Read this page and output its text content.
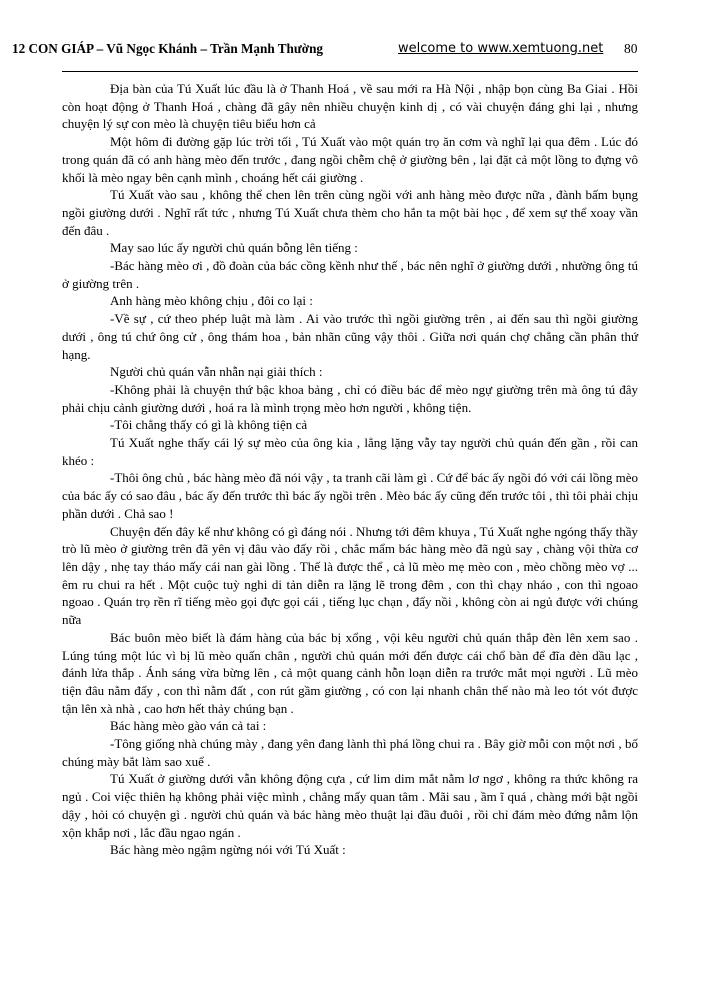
12 CON GIÁP – Vũ Ngọc Khánh – Trần Mạnh Thường	welcome to www.xemtuong.net 80

Địa bàn của Tú Xuất lúc đầu là ở Thanh Hoá , về sau mới ra Hà Nội , nhập bọn cùng Ba Giai . Hồi còn hoạt động ở Thanh Hoá , chàng đã gây nên nhiều chuyện kinh dị , có vài chuyện đáng ghi lại , nhưng chuyện lý sự con mèo là chuyện tiêu biểu hơn cả

Một hôm đi đường gặp lúc trời tối , Tú Xuất vào một quán trọ ăn cơm và nghĩ lại qua đêm . Lúc đó trong quán đã có anh hàng mèo đến trước , đang ngồi chễm chệ ở giường bên , lại đặt cả một lồng to đựng vô khối là mèo ngay bên cạnh mình , choáng hết cái giường .

Tú Xuất vào sau , không thể chen lên trên cùng ngồi với anh hàng mèo được nữa , đành bấm bụng ngồi giường dưới . Nghĩ rất tức , nhưng Tú Xuất chưa thèm cho hắn ta một bài học , để xem sự thể xoay vần đến đâu .

May sao lúc ấy người chủ quán bỗng lên tiếng :

-Bác hàng mèo ơi , đồ đoàn của bác cồng kềnh như thế , bác nên nghĩ ở giường dưới , nhường ông tú ở giường trên .

Anh hàng mèo không chịu , đôi co lại :

-Về sự , cứ theo phép luật mà làm . Ai vào trước thì ngồi giường trên , ai đến sau thì ngồi giường dưới , ông tú chứ ông cử , ông thám hoa , bản nhãn cũng vậy thôi . Giữa nơi quán chợ chẳng cần phân thứ hạng.

Người chủ quán vẫn nhẫn nại giải thích :

-Không phải là chuyện thứ bậc khoa bảng , chỉ có điều bác để mèo ngự giường trên mà ông tú đây phải chịu cảnh giường dưới , hoá ra là mình trọng mèo hơn người , không tiện.

-Tôi chẳng thấy có gì là không tiện cả

Tú Xuất nghe thấy cái lý sự mèo của ông kia , lẳng lặng vẫy tay người chủ quán đến gần , rồi can khéo :

-Thôi ông chủ , bác hàng mèo đã nói vậy , ta tranh cãi làm gì . Cứ để bác ấy ngồi đó với cái lồng mèo của bác ấy có sao đâu , bác ấy đến trước thì bác ấy ngồi trên . Mèo bác ấy cũng đến trước tôi , thì tôi phải chịu phần dưới . Chả sao !

Chuyện đến đây kể như không có gì đáng nói . Nhưng tới đêm khuya , Tú Xuất nghe ngóng thấy thầy trò lũ mèo ở giường trên đã yên vị đâu vào đấy rồi , chắc mẩm bác hàng mèo đã ngủ say , chàng vội thừa cơ lên dậy , nhẹ tay tháo mấy cái nan gài lồng . Thế là được thể , cả lũ mèo mẹ mèo con , mèo chồng mèo vợ ... êm ru chui ra hết . Một cuộc tuỳ nghi di tản diễn ra lặng lẽ trong đêm , con thì chạy nháo , con thì ngoao ngoao . Quán trọ rền rĩ tiếng mèo gọi đực gọi cái , tiếng lục chạn , đẩy nồi , không còn ai ngủ được với chúng nữa

Bác buôn mèo biết là đám hàng của bác bị xổng , vội kêu người chủ quán thắp đèn lên xem sao . Lúng túng một lúc vì bị lũ mèo quấn chân , người chủ quán mới đến được cái chổ bàn để đĩa đèn dầu lạc , đánh lửa thắp . Ánh sáng vừa bừng lên , cả một quang cảnh hỗn loạn diễn ra trước mắt mọi người . Lũ mèo tiện đâu nằm đấy , con thì nằm đất , con rút gầm giường , có con lại nhanh chân thế nào mà leo tót vót được tận lên xà nhà , cao hơn hết thảy chúng bạn .

Bác hàng mèo gào ván cả tai :

-Tông giống nhà chúng mày , đang yên đang lành thì phá lồng chui ra . Bây giờ mỗi con một nơi , bố chúng mày bắt làm sao xuể .

Tú Xuất ở giường dưới vẫn không động cựa , cứ lim dim mắt nằm lơ ngơ , không ra thức không ra ngủ . Coi việc thiên hạ không phải việc mình , chẳng mấy quan tâm . Mãi sau , ầm ĩ quá , chàng mới bật ngồi dậy , hỏi có chuyện gì . người chủ quán và bác hàng mèo thuật lại đầu đuôi , rồi chỉ đám mèo đứng nằm lộn xộn khắp nơi , lắc đầu ngao ngán .

Bác hàng mèo ngậm ngừng nói với Tú Xuất :
